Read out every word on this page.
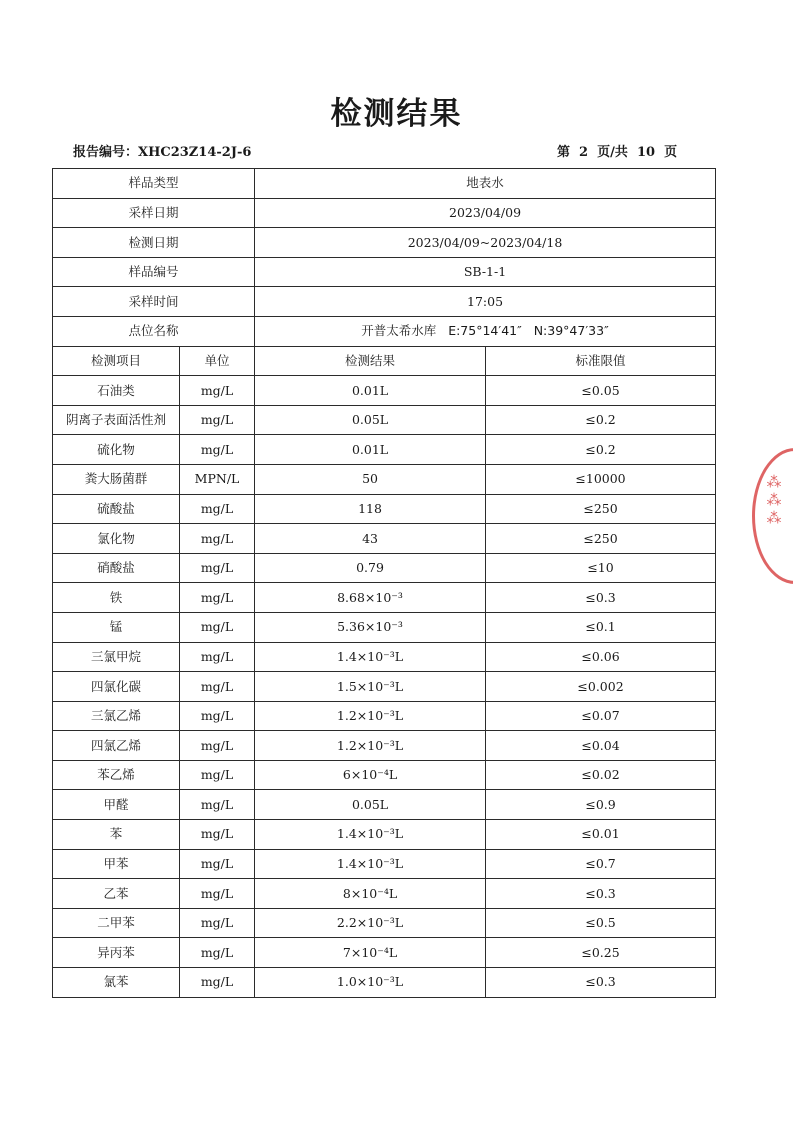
检测结果
报告编号：XHC23Z14-2J-6	第  2  页/共  10  页
样品类型		地表水	
采样日期		2023/04/09	
检测日期		2023/04/09~2023/04/18	
样品编号		SB-1-1	
采样时间		17:05	
点位名称		开普太希水库   E:75°14′41″   N:39°47′33″	
检测项目	单位	检测结果	标准限值
石油类	mg/L	0.01L	≤0.05
阴离子表面活性剂	mg/L	0.05L	≤0.2
硫化物	mg/L	0.01L	≤0.2
粪大肠菌群	MPN/L	50	≤10000
硫酸盐	mg/L	118	≤250
氯化物	mg/L	43	≤250
硝酸盐	mg/L	0.79	≤10
铁	mg/L	8.68×10⁻³	≤0.3
锰	mg/L	5.36×10⁻³	≤0.1
三氯甲烷	mg/L	1.4×10⁻³L	≤0.06
四氯化碳	mg/L	1.5×10⁻³L	≤0.002
三氯乙烯	mg/L	1.2×10⁻³L	≤0.07
四氯乙烯	mg/L	1.2×10⁻³L	≤0.04
苯乙烯	mg/L	6×10⁻⁴L	≤0.02
甲醛	mg/L	0.05L	≤0.9
苯	mg/L	1.4×10⁻³L	≤0.01
甲苯	mg/L	1.4×10⁻³L	≤0.7
乙苯	mg/L	8×10⁻⁴L	≤0.3
二甲苯	mg/L	2.2×10⁻³L	≤0.5
异丙苯	mg/L	7×10⁻⁴L	≤0.25
氯苯	mg/L	1.0×10⁻³L	≤0.3
⁂⁂⁂
